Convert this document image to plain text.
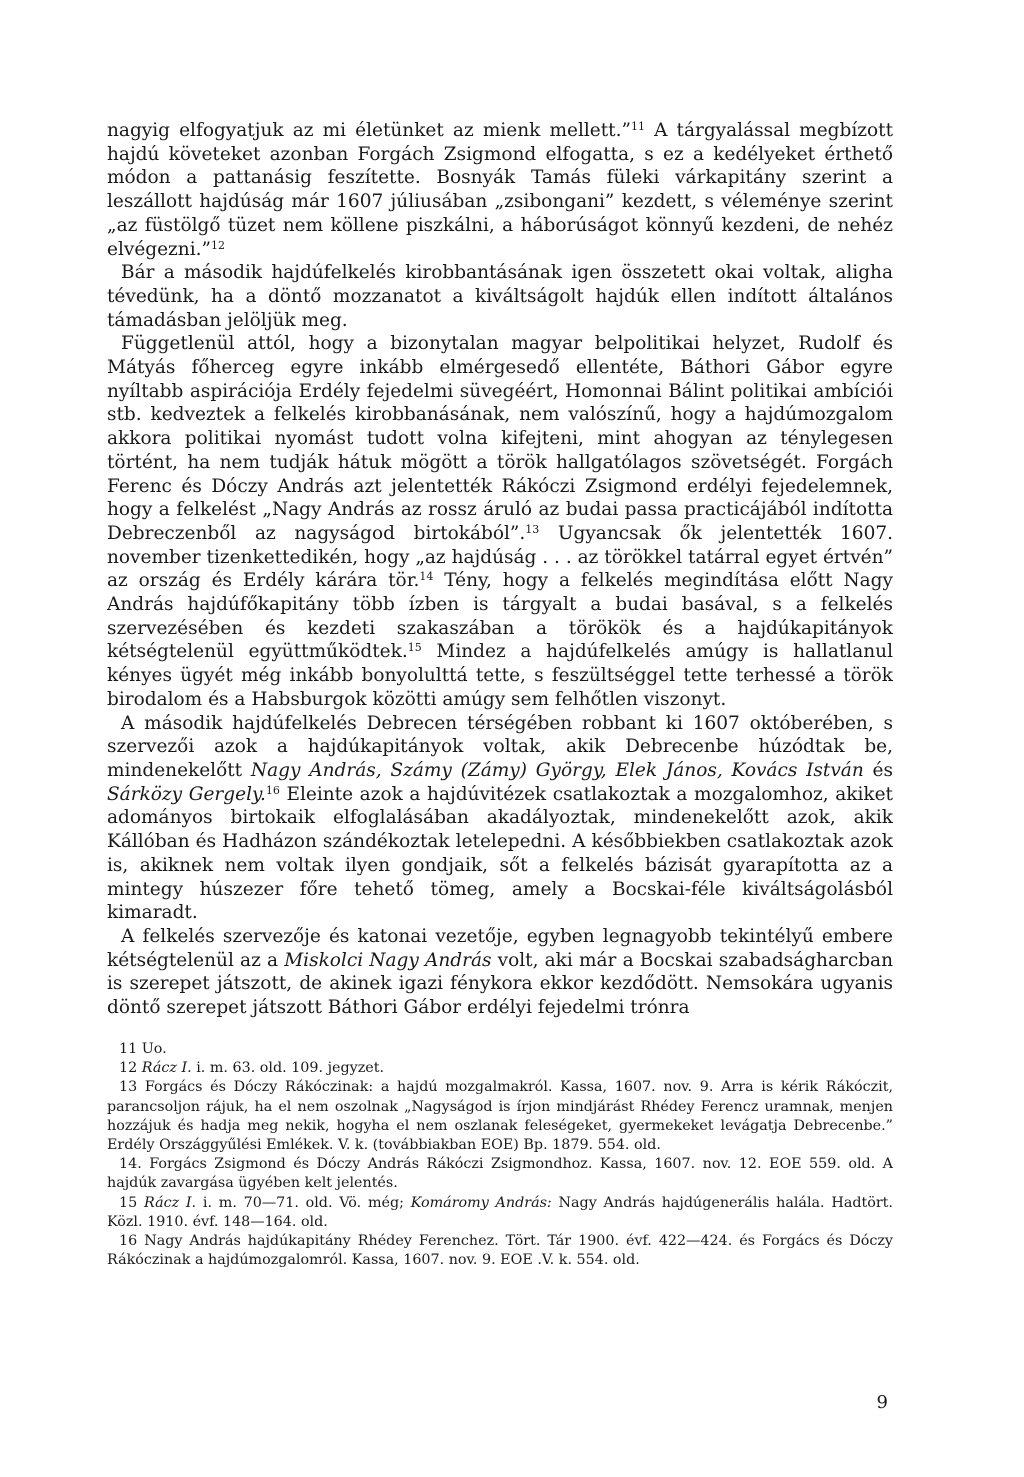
nagyig elfogyatjuk az mi életünket az mienk mellett.”$^{11}$ A tárgyalással megbízott hajdú követeket azonban Forgách Zsigmond elfogatta, s ez a kedélyeket érthető módon a pattanásig feszítette. Bosnyák Tamás füleki várkapitány szerint a leszállott hajdúság már 1607 júliusában „zsibongani” kezdett, s véleménye szerint „az füstölgő tüzet nem köllene piszkálni, a háborúságot könnyű kezdeni, de nehéz elvégezni.”$^{12}$

Bár a második hajdúfelkelés kirobbantásának igen összetett okai voltak, aligha tévedünk, ha a döntő mozzanatot a kiváltságolt hajdúk ellen indított általános támadásban jelöljük meg.

Függetlenül attól, hogy a bizonytalan magyar belpolitikai helyzet, Rudolf és Mátyás főherceg egyre inkább elmérgesedő ellentéte, Báthori Gábor egyre nyíltabb aspirációja Erdély fejedelmi süvegéért, Homonnai Bálint politikai ambíciói stb. kedveztek a felkelés kirobbanásának, nem valószínű, hogy a hajdúmozgalom akkora politikai nyomást tudott volna kifejteni, mint ahogyan az ténylegesen történt, ha nem tudják hátuk mögött a török hallgatólagos szövetségét. Forgách Ferenc és Dóczy András azt jelentették Rákóczi Zsigmond erdélyi fejedelemnek, hogy a felkelést „Nagy András az rossz áruló az budai passa practicájából indította Debreczenből az nagyságod birtokából”.$^{13}$ Ugyancsak ők jelentették 1607. november tizenkettedikén, hogy „az hajdúság . . . az törökkel tatárral egyet értvén” az ország és Erdély kárára tör.$^{14}$ Tény, hogy a felkelés megindítása előtt Nagy András hajdúfőkapitány több ízben is tárgyalt a budai basával, s a felkelés szervezésében és kezdeti szakaszában a törökök és a hajdúkapitányok kétségtelenül együttműködtek.$^{15}$ Mindez a hajdúfelkelés amúgy is hallatlanul kényes ügyét még inkább bonyolulttá tette, s feszültséggel tette terhessé a török birodalom és a Habsburgok közötti amúgy sem felhőtlen viszonyt.

A második hajdúfelkelés Debrecen térségében robbant ki 1607 októberében, s szervezői azok a hajdúkapitányok voltak, akik Debrecenbe húzódtak be, mindenekelőtt Nagy András, Számy (Zámy) György, Elek János, Kovács István és Sárközy Gergely.$^{16}$ Eleinte azok a hajdúvitézek csatlakoztak a mozgalomhoz, akiket adományos birtokaik elfoglalásában akadályoztak, mindenekelőtt azok, akik Kállóban és Hadházon szándékoztak letelepedni. A későbbiekben csatlakoztak azok is, akiknek nem voltak ilyen gondjaik, sőt a felkelés bázisát gyarapította az a mintegy húszezer főre tehető tömeg, amely a Bocskai-féle kiváltságolásból kimaradt.

A felkelés szervezője és katonai vezetője, egyben legnagyobb tekintélyű embere kétségtelenül az a Miskolci Nagy András volt, aki már a Bocskai szabadságharcban is szerepet játszott, de akinek igazi fénykora ekkor kezdődött. Nemsokára ugyanis döntő szerepet játszott Báthori Gábor erdélyi fejedelmi trónra

11 Uo.

12 Rácz I. i. m. 63. old. 109. jegyzet.

13 Forgács és Dóczy Rákóczinak: a hajdú mozgalmakról. Kassa, 1607. nov. 9. Arra is kérik Rákóczit, parancsoljon rájuk, ha el nem oszolnak „Nagyságod is írjon mindjárást Rhédey Ferencz uramnak, menjen hozzájuk és hadja meg nekik, hogyha el nem oszlanak feleségeket, gyermekeket levágatja Debrecenbe.” Erdély Országgyűlési Emlékek. V. k. (továbbiakban EOE) Bp. 1879. 554. old.

14. Forgács Zsigmond és Dóczy András Rákóczi Zsigmondhoz. Kassa, 1607. nov. 12. EOE 559. old. A hajdúk zavargása ügyében kelt jelentés.

15 Rácz I. i. m. 70—71. old. Vö. még; Komáromy András: Nagy András hajdúgenerális halála. Hadtört. Közl. 1910. évf. 148—164. old.

16 Nagy András hajdúkapitány Rhédey Ferenchez. Tört. Tár 1900. évf. 422—424. és Forgács és Dóczy Rákóczinak a hajdúmozgalomról. Kassa, 1607. nov. 9. EOE .V. k. 554. old.

9
